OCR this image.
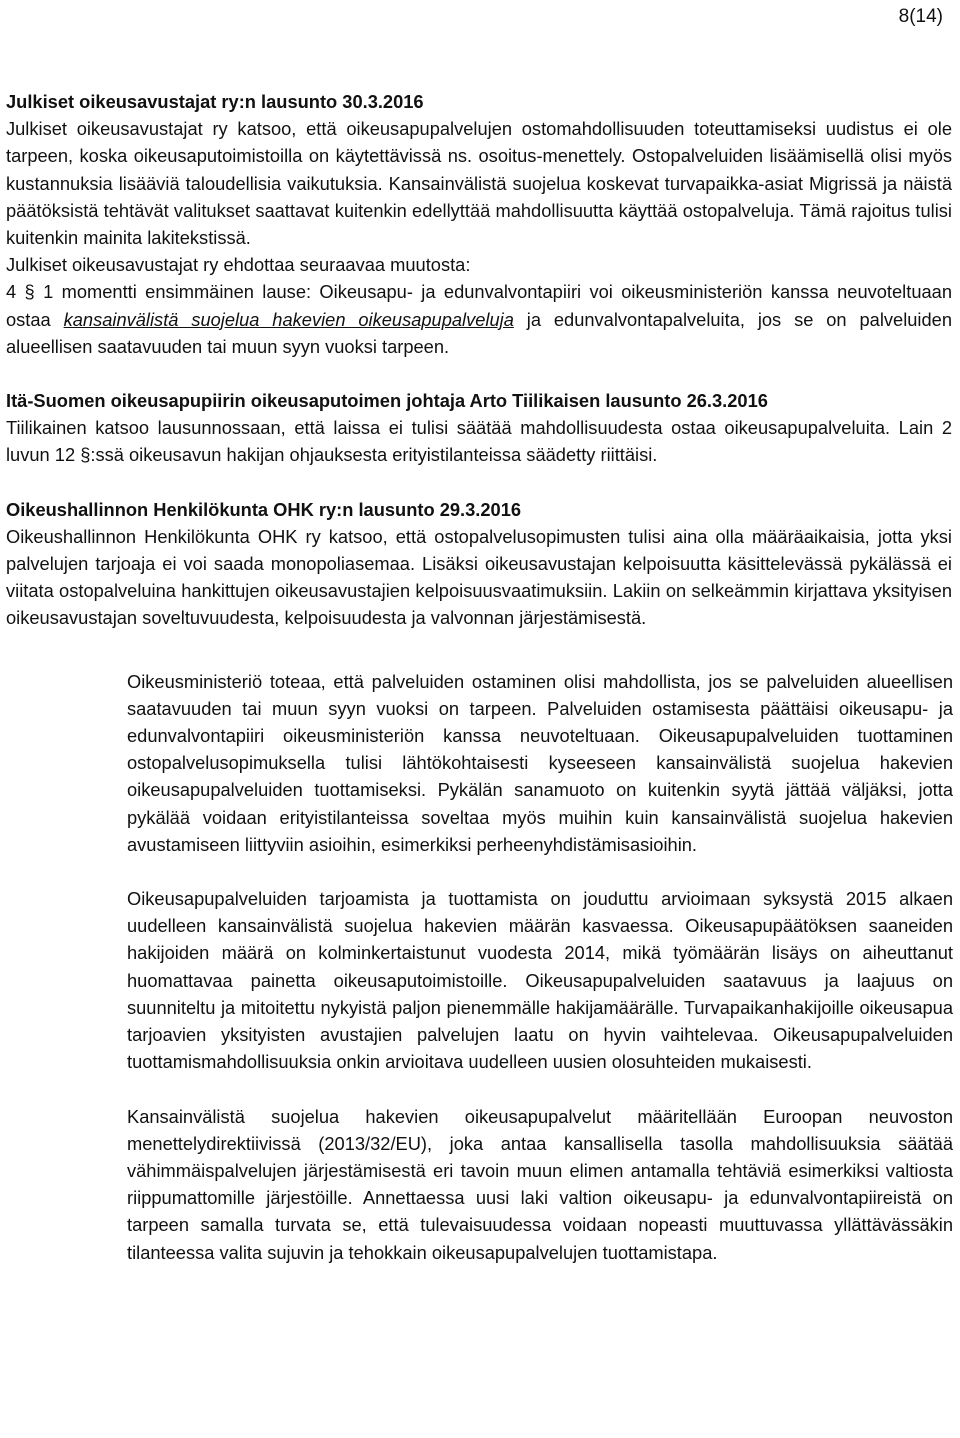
8(14)

Julkiset oikeusavustajat ry:n lausunto 30.3.2016

Julkiset oikeusavustajat ry katsoo, että oikeusapupalvelujen ostomahdollisuuden toteuttamiseksi uudistus ei ole tarpeen, koska oikeusaputoimistoilla on käytettävissä ns. osoitus-menettely. Ostopalveluiden lisäämisellä olisi myös kustannuksia lisääviä taloudellisia vaikutuksia. Kansainvälistä suojelua koskevat turvapaikka-asiat Migrissä ja näistä päätöksistä tehtävät valitukset saattavat kuitenkin edellyttää mahdollisuutta käyttää ostopalveluja. Tämä rajoitus tulisi kuitenkin mainita lakitekstissä.

Julkiset oikeusavustajat ry ehdottaa seuraavaa muutosta:

4 § 1 momentti ensimmäinen lause: Oikeusapu- ja edunvalvontapiiri voi oikeusministeriön kanssa neuvoteltuaan ostaa kansainvälistä suojelua hakevien oikeusapupalveluja ja edunvalvontapalveluita, jos se on palveluiden alueellisen saatavuuden tai muun syyn vuoksi tarpeen.

Itä-Suomen oikeusapupiirin oikeusaputoimen johtaja Arto Tiilikaisen lausunto 26.3.2016

Tiilikainen katsoo lausunnossaan, että laissa ei tulisi säätää mahdollisuudesta ostaa oikeusapupalveluita. Lain 2 luvun 12 §:ssä oikeusavun hakijan ohjauksesta erityistilanteissa säädetty riittäisi.

Oikeushallinnon Henkilökunta OHK ry:n lausunto 29.3.2016

Oikeushallinnon Henkilökunta OHK ry katsoo, että ostopalvelusopimusten tulisi aina olla määräaikaisia, jotta yksi palvelujen tarjoaja ei voi saada monopoliasemaa. Lisäksi oikeusavustajan kelpoisuutta käsittelevässä pykälässä ei viitata ostopalveluina hankittujen oikeusavustajien kelpoisuusvaatimuksiin. Lakiin on selkeämmin kirjattava yksityisen oikeusavustajan soveltuvuudesta, kelpoisuudesta ja valvonnan järjestämisestä.

Oikeusministeriö toteaa, että palveluiden ostaminen olisi mahdollista, jos se palveluiden alueellisen saatavuuden tai muun syyn vuoksi on tarpeen. Palveluiden ostamisesta päättäisi oikeusapu- ja edunvalvontapiiri oikeusministeriön kanssa neuvoteltuaan. Oikeusapupalveluiden tuottaminen ostopalvelusopimuksella tulisi lähtökohtaisesti kyseeseen kansainvälistä suojelua hakevien oikeusapupalveluiden tuottamiseksi. Pykälän sanamuoto on kuitenkin syytä jättää väljäksi, jotta pykälää voidaan erityistilanteissa soveltaa myös muihin kuin kansainvälistä suojelua hakevien avustamiseen liittyviin asioihin, esimerkiksi perheenyhdistämisasioihin.

Oikeusapupalveluiden tarjoamista ja tuottamista on jouduttu arvioimaan syksystä 2015 alkaen uudelleen kansainvälistä suojelua hakevien määrän kasvaessa. Oikeusapupäätöksen saaneiden hakijoiden määrä on kolminkertaistunut vuodesta 2014, mikä työmäärän lisäys on aiheuttanut huomattavaa painetta oikeusaputoimistoille. Oikeusapupalveluiden saatavuus ja laajuus on suunniteltu ja mitoitettu nykyistä paljon pienemmälle hakijamäärälle. Turvapaikanhakijoille oikeusapua tarjoavien yksityisten avustajien palvelujen laatu on hyvin vaihtelevaa. Oikeusapupalveluiden tuottamismahdollisuuksia onkin arvioitava uudelleen uusien olosuhteiden mukaisesti.

Kansainvälistä suojelua hakevien oikeusapupalvelut määritellään Euroopan neuvoston menettelydirektiivissä (2013/32/EU), joka antaa kansallisella tasolla mahdollisuuksia säätää vähimmäispalvelujen järjestämisestä eri tavoin muun elimen antamalla tehtäviä esimerkiksi valtiosta riippumattomille järjestöille. Annettaessa uusi laki valtion oikeusapu- ja edunvalvontapiireistä on tarpeen samalla turvata se, että tulevaisuudessa voidaan nopeasti muuttuvassa yllättävässäkin tilanteessa valita sujuvin ja tehokkain oikeusapupalvelujen tuottamistapa.
